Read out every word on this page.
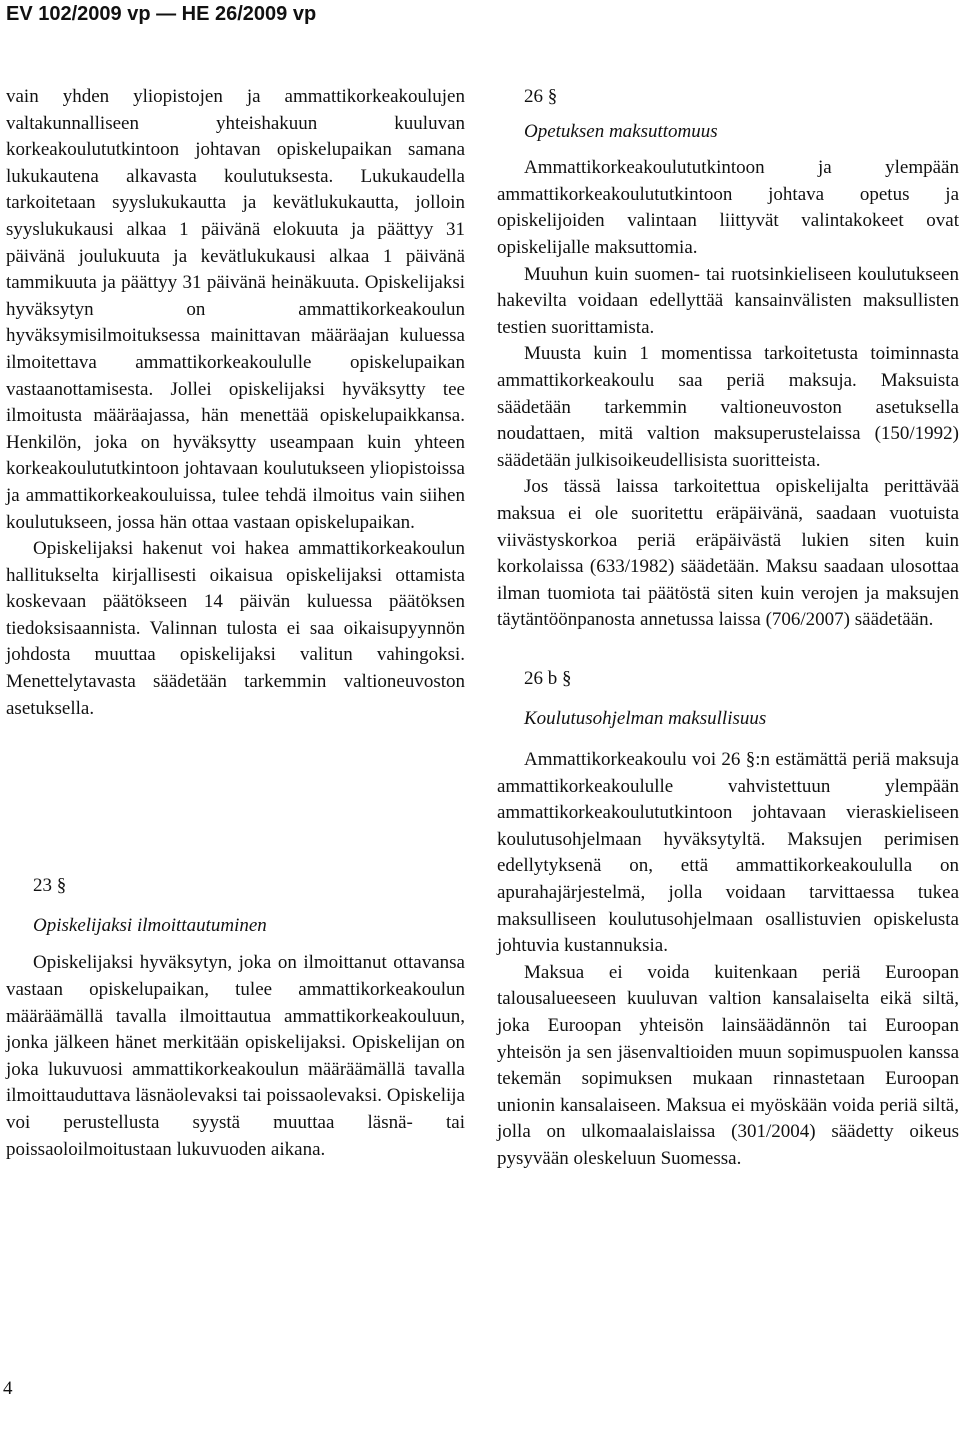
EV 102/2009 vp — HE 26/2009 vp

vain yhden yliopistojen ja ammattikorkeakoulujen valtakunnalliseen yhteishakuun kuuluvan korkeakoulututkintoon johtavan opiskelupaikan samana lukukautena alkavasta koulutuksesta. Lukukaudella tarkoitetaan syyslukukautta ja kevätlukukautta, jolloin syyslukukausi alkaa 1 päivänä elokuuta ja päättyy 31 päivänä joulukuuta ja kevätlukukausi alkaa 1 päivänä tammikuuta ja päättyy 31 päivänä heinäkuuta. Opiskelijaksi hyväksytyn on ammattikorkeakoulun hyväksymisilmoituksessa mainittavan määräajan kuluessa ilmoitettava ammattikorkeakoululle opiskelupaikan vastaanottamisesta. Jollei opiskelijaksi hyväksytty tee ilmoitusta määräajassa, hän menettää opiskelupaikkansa. Henkilön, joka on hyväksytty useampaan kuin yhteen korkeakoulututkintoon johtavaan koulutukseen yliopistoissa ja ammattikorkeakouluissa, tulee tehdä ilmoitus vain siihen koulutukseen, jossa hän ottaa vastaan opiskelupaikan.

Opiskelijaksi hakenut voi hakea ammattikorkeakoulun hallitukselta kirjallisesti oikaisua opiskelijaksi ottamista koskevaan päätökseen 14 päivän kuluessa päätöksen tiedoksisaannista. Valinnan tulosta ei saa oikaisupyynnön johdosta muuttaa opiskelijaksi valitun vahingoksi. Menettelytavasta säädetään tarkemmin valtioneuvoston asetuksella.

23 §

Opiskelijaksi ilmoittautuminen

Opiskelijaksi hyväksytyn, joka on ilmoittanut ottavansa vastaan opiskelupaikan, tulee ammattikorkeakoulun määräämällä tavalla ilmoittautua ammattikorkeakouluun, jonka jälkeen hänet merkitään opiskelijaksi. Opiskelijan on joka lukuvuosi ammattikorkeakoulun määräämällä tavalla ilmoittauduttava läsnäolevaksi tai poissaolevaksi. Opiskelija voi perustellusta syystä muuttaa läsnä- tai poissaoloilmoitustaan lukuvuoden aikana.

26 §

Opetuksen maksuttomuus

Ammattikorkeakoulututkintoon ja ylempään ammattikorkeakoulututkintoon johtava opetus ja opiskelijoiden valintaan liittyvät valintakokeet ovat opiskelijalle maksuttomia.

Muuhun kuin suomen- tai ruotsinkieliseen koulutukseen hakevilta voidaan edellyttää kansainvälisten maksullisten testien suorittamista.

Muusta kuin 1 momentissa tarkoitetusta toiminnasta ammattikorkeakoulu saa periä maksuja. Maksuista säädetään tarkemmin valtioneuvoston asetuksella noudattaen, mitä valtion maksuperustelaissa (150/1992) säädetään julkisoikeudellisista suoritteista.

Jos tässä laissa tarkoitettua opiskelijalta perittävää maksua ei ole suoritettu eräpäivänä, saadaan vuotuista viivästyskorkoa periä eräpäivästä lukien siten kuin korkolaissa (633/1982) säädetään. Maksu saadaan ulosottaa ilman tuomiota tai päätöstä siten kuin verojen ja maksujen täytäntöönpanosta annetussa laissa (706/2007) säädetään.

26 b §

Koulutusohjelman maksullisuus

Ammattikorkeakoulu voi 26 §:n estämättä periä maksuja ammattikorkeakoululle vahvistettuun ylempään ammattikorkeakoulututkintoon johtavaan vieraskieliseen koulutusohjelmaan hyväksytyltä. Maksujen perimisen edellytyksenä on, että ammattikorkeakoululla on apurahajärjestelmä, jolla voidaan tarvittaessa tukea maksulliseen koulutusohjelmaan osallistuvien opiskelusta johtuvia kustannuksia.

Maksua ei voida kuitenkaan periä Euroopan talousalueeseen kuuluvan valtion kansalaiselta eikä siltä, joka Euroopan yhteisön lainsäädännön tai Euroopan yhteisön ja sen jäsenvaltioiden muun sopimuspuolen kanssa tekemän sopimuksen mukaan rinnastetaan Euroopan unionin kansalaiseen. Maksua ei myöskään voida periä siltä, jolla on ulkomaalaislaissa (301/2004) säädetty oikeus pysyvään oleskeluun Suomessa.

4
